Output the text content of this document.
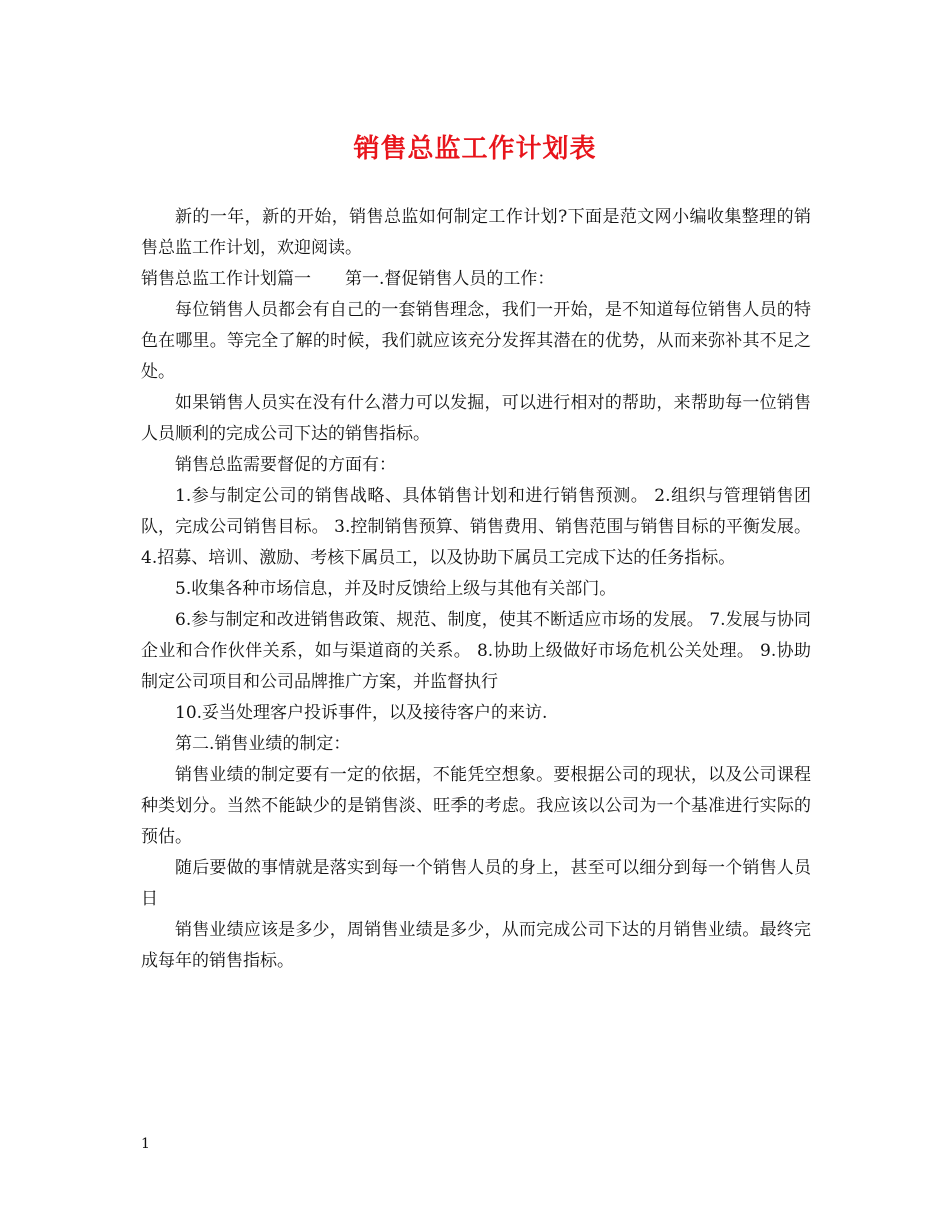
销售总监工作计划表

新的一年，新的开始，销售总监如何制定工作计划?下面是范文网小编收集整理的销售总监工作计划，欢迎阅读。

销售总监工作计划篇一　　第一.督促销售人员的工作：

每位销售人员都会有自己的一套销售理念，我们一开始，是不知道每位销售人员的特色在哪里。等完全了解的时候，我们就应该充分发挥其潜在的优势，从而来弥补其不足之处。

如果销售人员实在没有什么潜力可以发掘，可以进行相对的帮助，来帮助每一位销售人员顺利的完成公司下达的销售指标。

销售总监需要督促的方面有：

1.参与制定公司的销售战略、具体销售计划和进行销售预测。 2.组织与管理销售团队，完成公司销售目标。 3.控制销售预算、销售费用、销售范围与销售目标的平衡发展。 4.招募、培训、激励、考核下属员工，以及协助下属员工完成下达的任务指标。

5.收集各种市场信息，并及时反馈给上级与其他有关部门。

6.参与制定和改进销售政策、规范、制度，使其不断适应市场的发展。 7.发展与协同企业和合作伙伴关系，如与渠道商的关系。 8.协助上级做好市场危机公关处理。 9.协助制定公司项目和公司品牌推广方案，并监督执行

10.妥当处理客户投诉事件，以及接待客户的来访.

第二.销售业绩的制定：

销售业绩的制定要有一定的依据，不能凭空想象。要根据公司的现状，以及公司课程种类划分。当然不能缺少的是销售淡、旺季的考虑。我应该以公司为一个基准进行实际的预估。

随后要做的事情就是落实到每一个销售人员的身上，甚至可以细分到每一个销售人员日

销售业绩应该是多少，周销售业绩是多少，从而完成公司下达的月销售业绩。最终完成每年的销售指标。

1
